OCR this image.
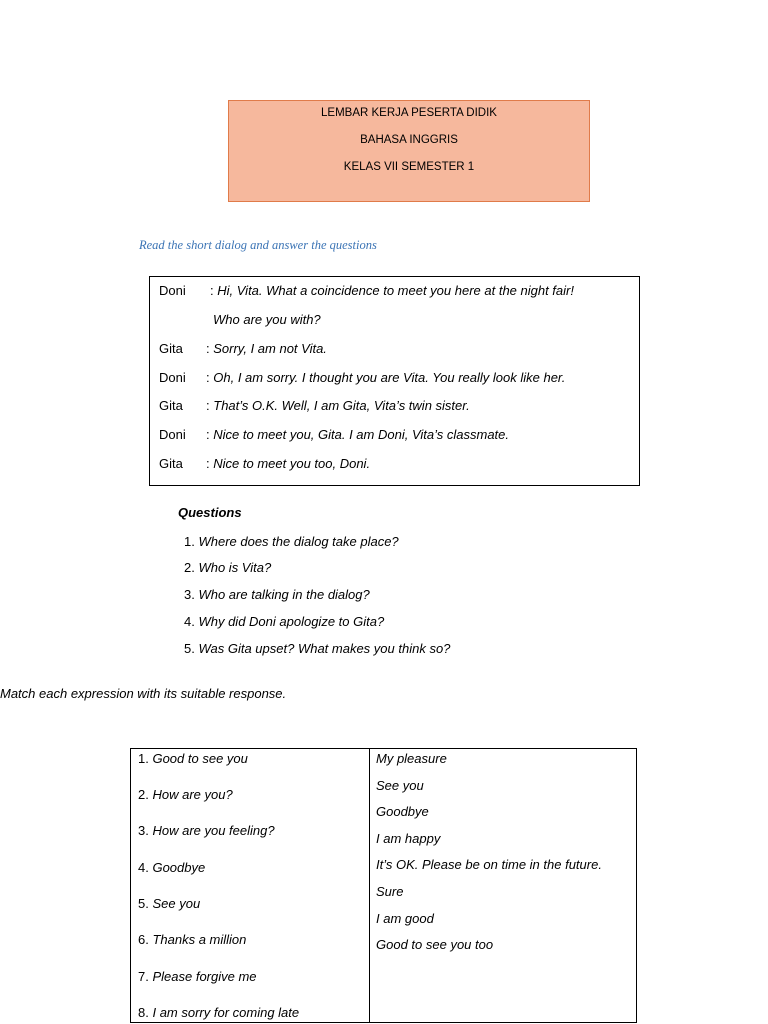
LEMBAR KERJA PESERTA DIDIK
BAHASA INGGRIS
KELAS VII SEMESTER 1
Read the short dialog and answer the questions
Doni : Hi, Vita. What a coincidence to meet you here at the night fair!
Who are you with?
Gita : Sorry, I am not Vita.
Doni : Oh, I am sorry. I thought you are Vita. You really look like her.
Gita : That’s O.K. Well, I am Gita, Vita’s twin sister.
Doni : Nice to meet you, Gita. I am Doni, Vita’s classmate.
Gita : Nice to meet you too, Doni.
Questions
1. Where does the dialog take place?
2. Who is Vita?
3. Who are talking in the dialog?
4. Why did Doni apologize to Gita?
5. Was Gita upset? What makes you think so?
Match each expression with its suitable response.
1. Good to see you
2. How are you?
3. How are you feeling?
4. Goodbye
5. See you
6. Thanks a million
7. Please forgive me
8. I am sorry for coming late
My pleasure
See you
Goodbye
I am happy
It’s OK. Please be on time in the future.
Sure
I am good
Good to see you too
